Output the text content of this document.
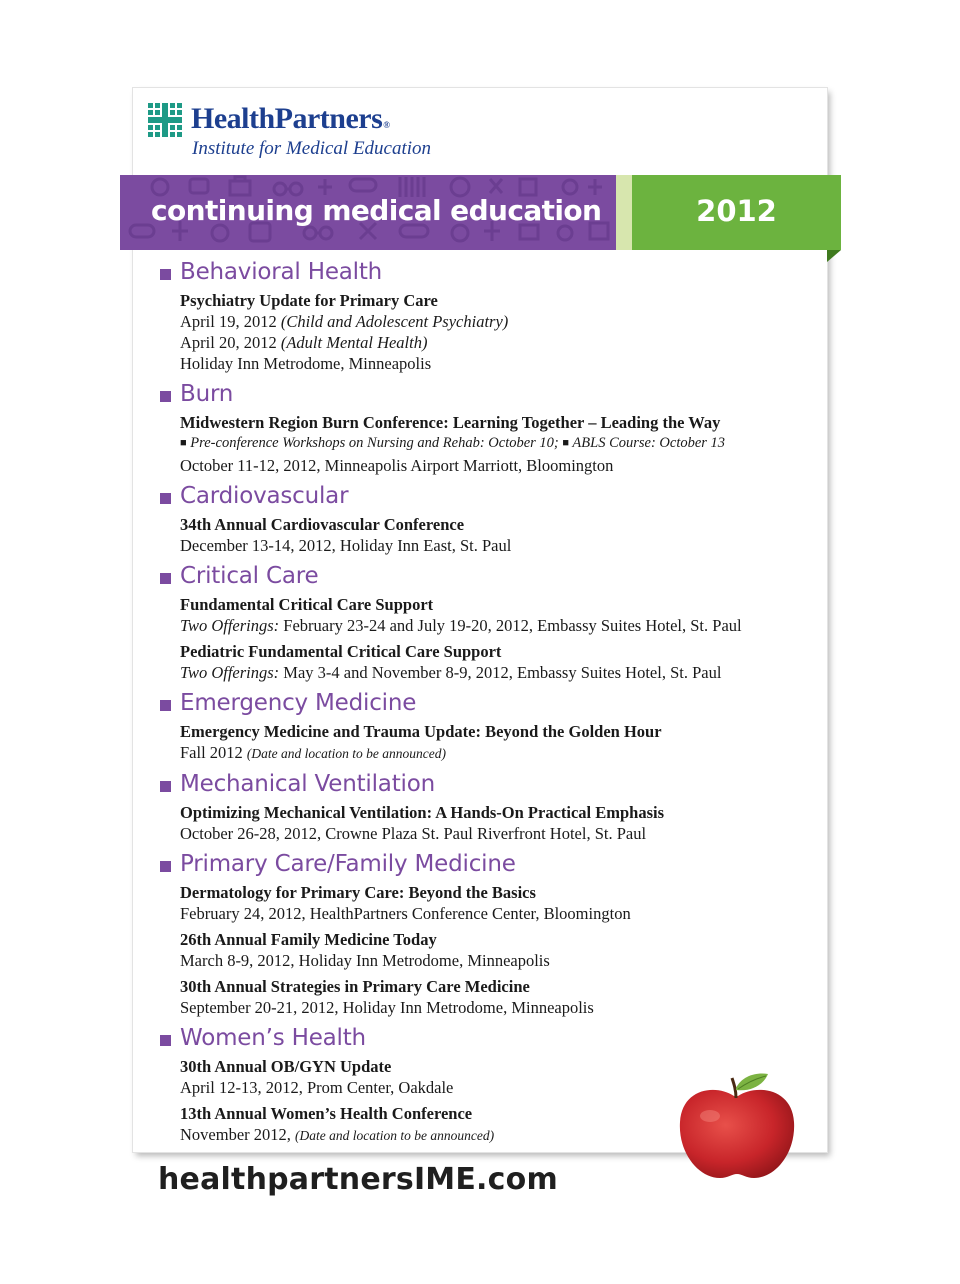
HealthPartners®
Institute for Medical Education
continuing medical education	2012
Behavioral Health
Psychiatry Update for Primary Care
April 19, 2012 (Child and Adolescent Psychiatry)
April 20, 2012 (Adult Mental Health)
Holiday Inn Metrodome, Minneapolis
Burn
Midwestern Region Burn Conference: Learning Together – Leading the Way
■ Pre-conference Workshops on Nursing and Rehab: October 10; ■ ABLS Course: October 13
October 11-12, 2012, Minneapolis Airport Marriott, Bloomington
Cardiovascular
34th Annual Cardiovascular Conference
December 13-14, 2012, Holiday Inn East, St. Paul
Critical Care
Fundamental Critical Care Support
Two Offerings: February 23-24 and July 19-20, 2012, Embassy Suites Hotel, St. Paul
Pediatric Fundamental Critical Care Support
Two Offerings: May 3-4 and November 8-9, 2012, Embassy Suites Hotel, St. Paul
Emergency Medicine
Emergency Medicine and Trauma Update: Beyond the Golden Hour
Fall 2012 (Date and location to be announced)
Mechanical Ventilation
Optimizing Mechanical Ventilation: A Hands-On Practical Emphasis
October 26-28, 2012, Crowne Plaza St. Paul Riverfront Hotel, St. Paul
Primary Care/Family Medicine
Dermatology for Primary Care: Beyond the Basics
February 24, 2012, HealthPartners Conference Center, Bloomington
26th Annual Family Medicine Today
March 8-9, 2012, Holiday Inn Metrodome, Minneapolis
30th Annual Strategies in Primary Care Medicine
September 20-21, 2012, Holiday Inn Metrodome, Minneapolis
Women’s Health
30th Annual OB/GYN Update
April 12-13, 2012, Prom Center, Oakdale
13th Annual Women’s Health Conference
November 2012, (Date and location to be announced)
healthpartnersIME.com
